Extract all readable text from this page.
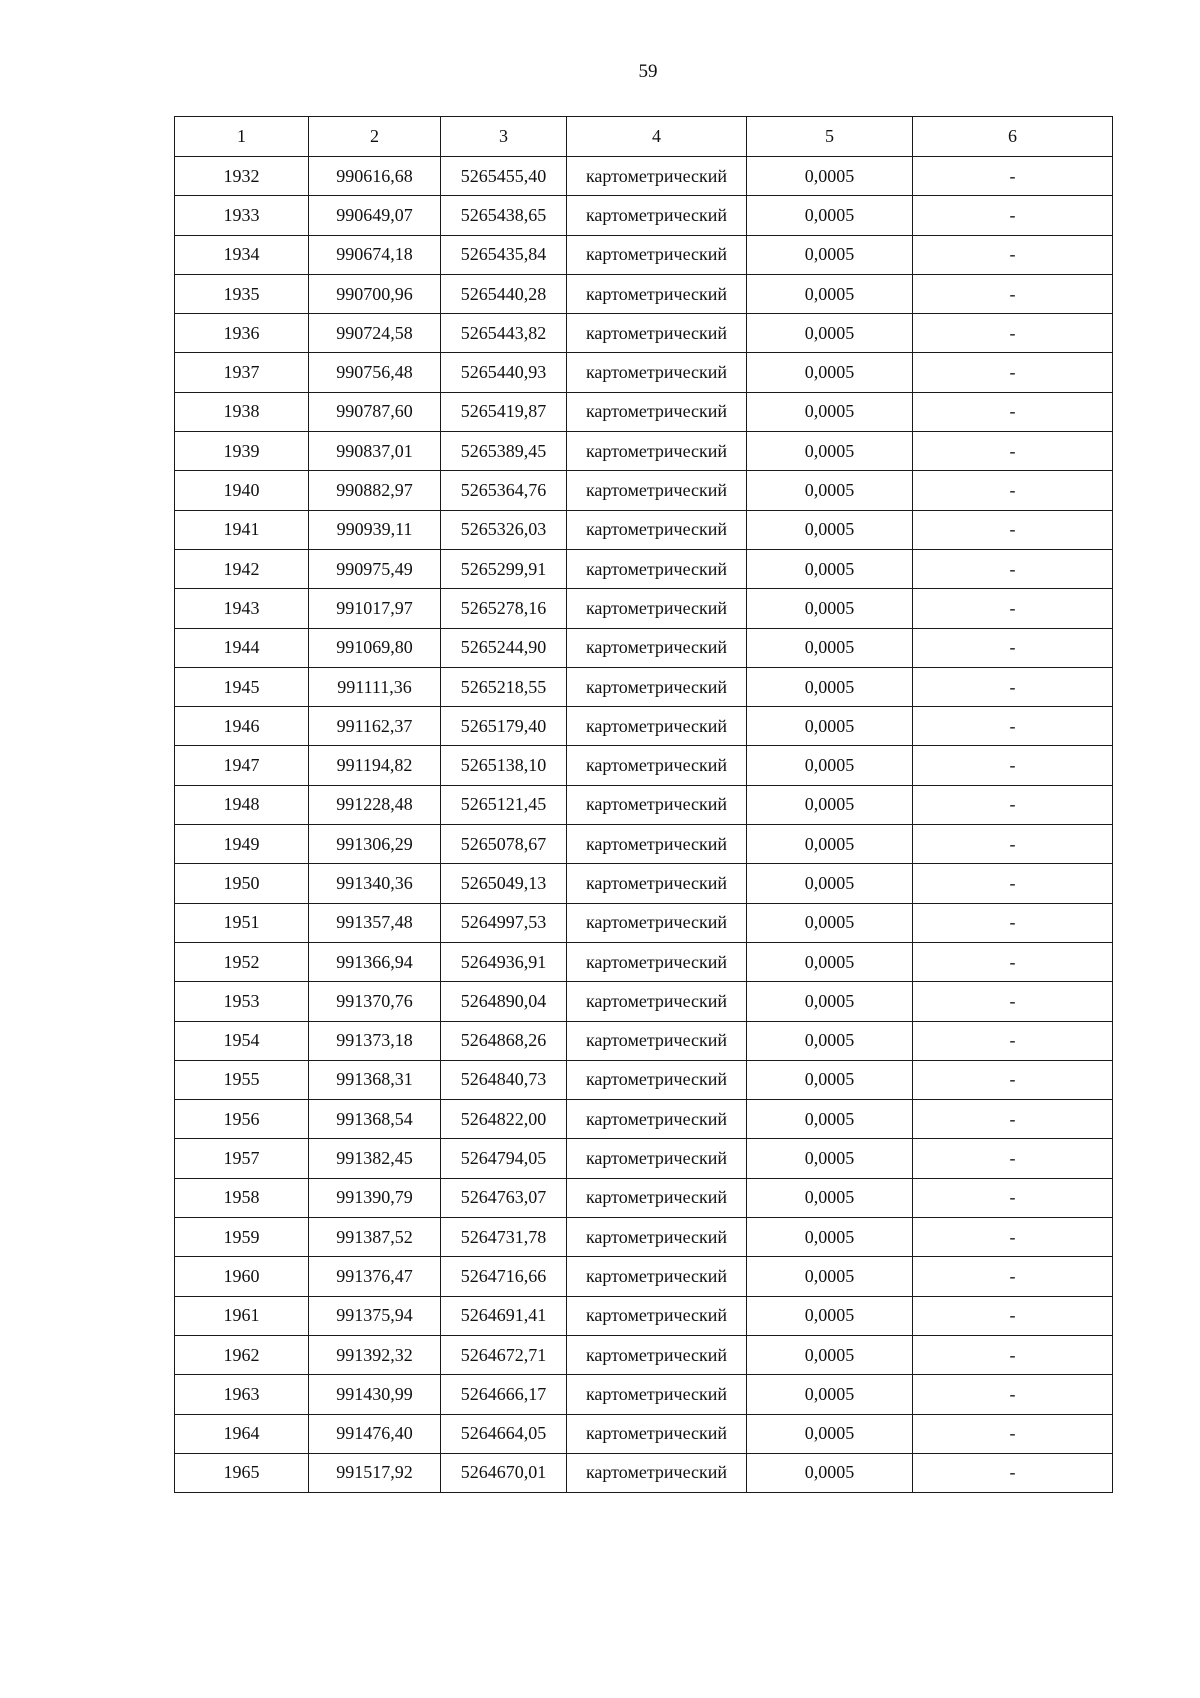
59
1	2	3	4	5	6
1932	990616,68	5265455,40	картометрический	0,0005	-
1933	990649,07	5265438,65	картометрический	0,0005	-
1934	990674,18	5265435,84	картометрический	0,0005	-
1935	990700,96	5265440,28	картометрический	0,0005	-
1936	990724,58	5265443,82	картометрический	0,0005	-
1937	990756,48	5265440,93	картометрический	0,0005	-
1938	990787,60	5265419,87	картометрический	0,0005	-
1939	990837,01	5265389,45	картометрический	0,0005	-
1940	990882,97	5265364,76	картометрический	0,0005	-
1941	990939,11	5265326,03	картометрический	0,0005	-
1942	990975,49	5265299,91	картометрический	0,0005	-
1943	991017,97	5265278,16	картометрический	0,0005	-
1944	991069,80	5265244,90	картометрический	0,0005	-
1945	991111,36	5265218,55	картометрический	0,0005	-
1946	991162,37	5265179,40	картометрический	0,0005	-
1947	991194,82	5265138,10	картометрический	0,0005	-
1948	991228,48	5265121,45	картометрический	0,0005	-
1949	991306,29	5265078,67	картометрический	0,0005	-
1950	991340,36	5265049,13	картометрический	0,0005	-
1951	991357,48	5264997,53	картометрический	0,0005	-
1952	991366,94	5264936,91	картометрический	0,0005	-
1953	991370,76	5264890,04	картометрический	0,0005	-
1954	991373,18	5264868,26	картометрический	0,0005	-
1955	991368,31	5264840,73	картометрический	0,0005	-
1956	991368,54	5264822,00	картометрический	0,0005	-
1957	991382,45	5264794,05	картометрический	0,0005	-
1958	991390,79	5264763,07	картометрический	0,0005	-
1959	991387,52	5264731,78	картометрический	0,0005	-
1960	991376,47	5264716,66	картометрический	0,0005	-
1961	991375,94	5264691,41	картометрический	0,0005	-
1962	991392,32	5264672,71	картометрический	0,0005	-
1963	991430,99	5264666,17	картометрический	0,0005	-
1964	991476,40	5264664,05	картометрический	0,0005	-
1965	991517,92	5264670,01	картометрический	0,0005	-
